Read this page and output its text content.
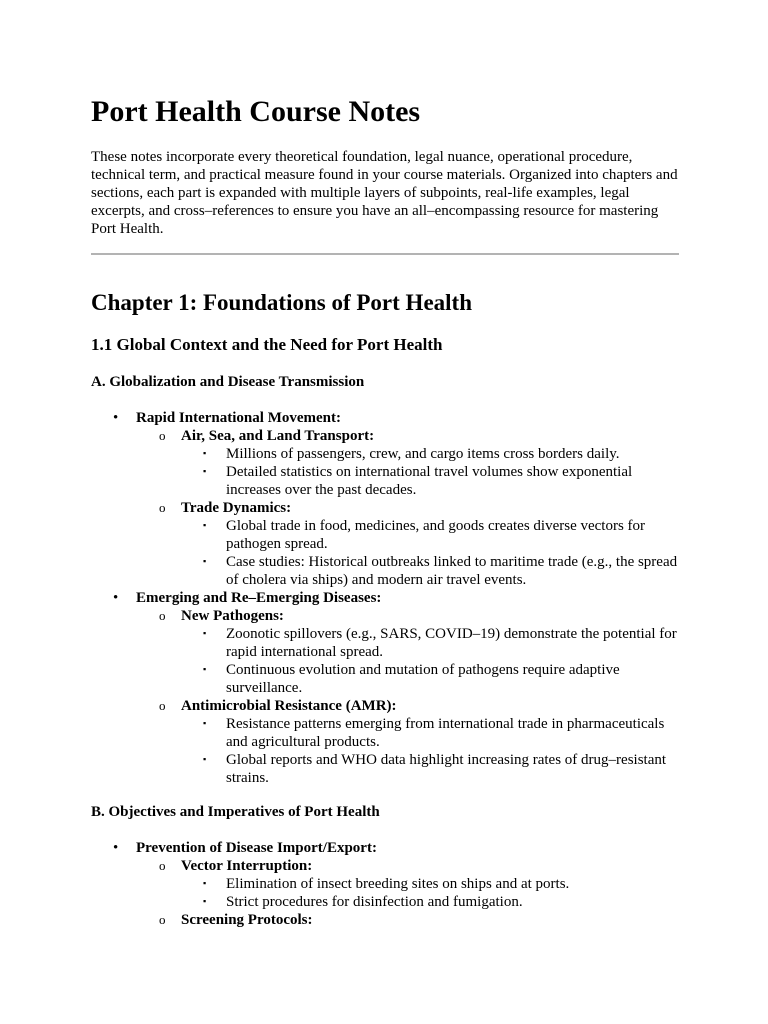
Port Health Course Notes

These notes incorporate every theoretical foundation, legal nuance, operational procedure, technical term, and practical measure found in your course materials. Organized into chapters and sections, each part is expanded with multiple layers of subpoints, real-life examples, legal excerpts, and cross–references to ensure you have an all–encompassing resource for mastering Port Health.

Chapter 1: Foundations of Port Health
1.1 Global Context and the Need for Port Health
A. Globalization and Disease Transmission
• Rapid International Movement:
o Air, Sea, and Land Transport:
▪ Millions of passengers, crew, and cargo items cross borders daily.
▪ Detailed statistics on international travel volumes show exponential increases over the past decades.
o Trade Dynamics:
▪ Global trade in food, medicines, and goods creates diverse vectors for pathogen spread.
▪ Case studies: Historical outbreaks linked to maritime trade (e.g., the spread of cholera via ships) and modern air travel events.
• Emerging and Re–Emerging Diseases:
o New Pathogens:
▪ Zoonotic spillovers (e.g., SARS, COVID–19) demonstrate the potential for rapid international spread.
▪ Continuous evolution and mutation of pathogens require adaptive surveillance.
o Antimicrobial Resistance (AMR):
▪ Resistance patterns emerging from international trade in pharmaceuticals and agricultural products.
▪ Global reports and WHO data highlight increasing rates of drug–resistant strains.
B. Objectives and Imperatives of Port Health
• Prevention of Disease Import/Export:
o Vector Interruption:
▪ Elimination of insect breeding sites on ships and at ports.
▪ Strict procedures for disinfection and fumigation.
o Screening Protocols:
